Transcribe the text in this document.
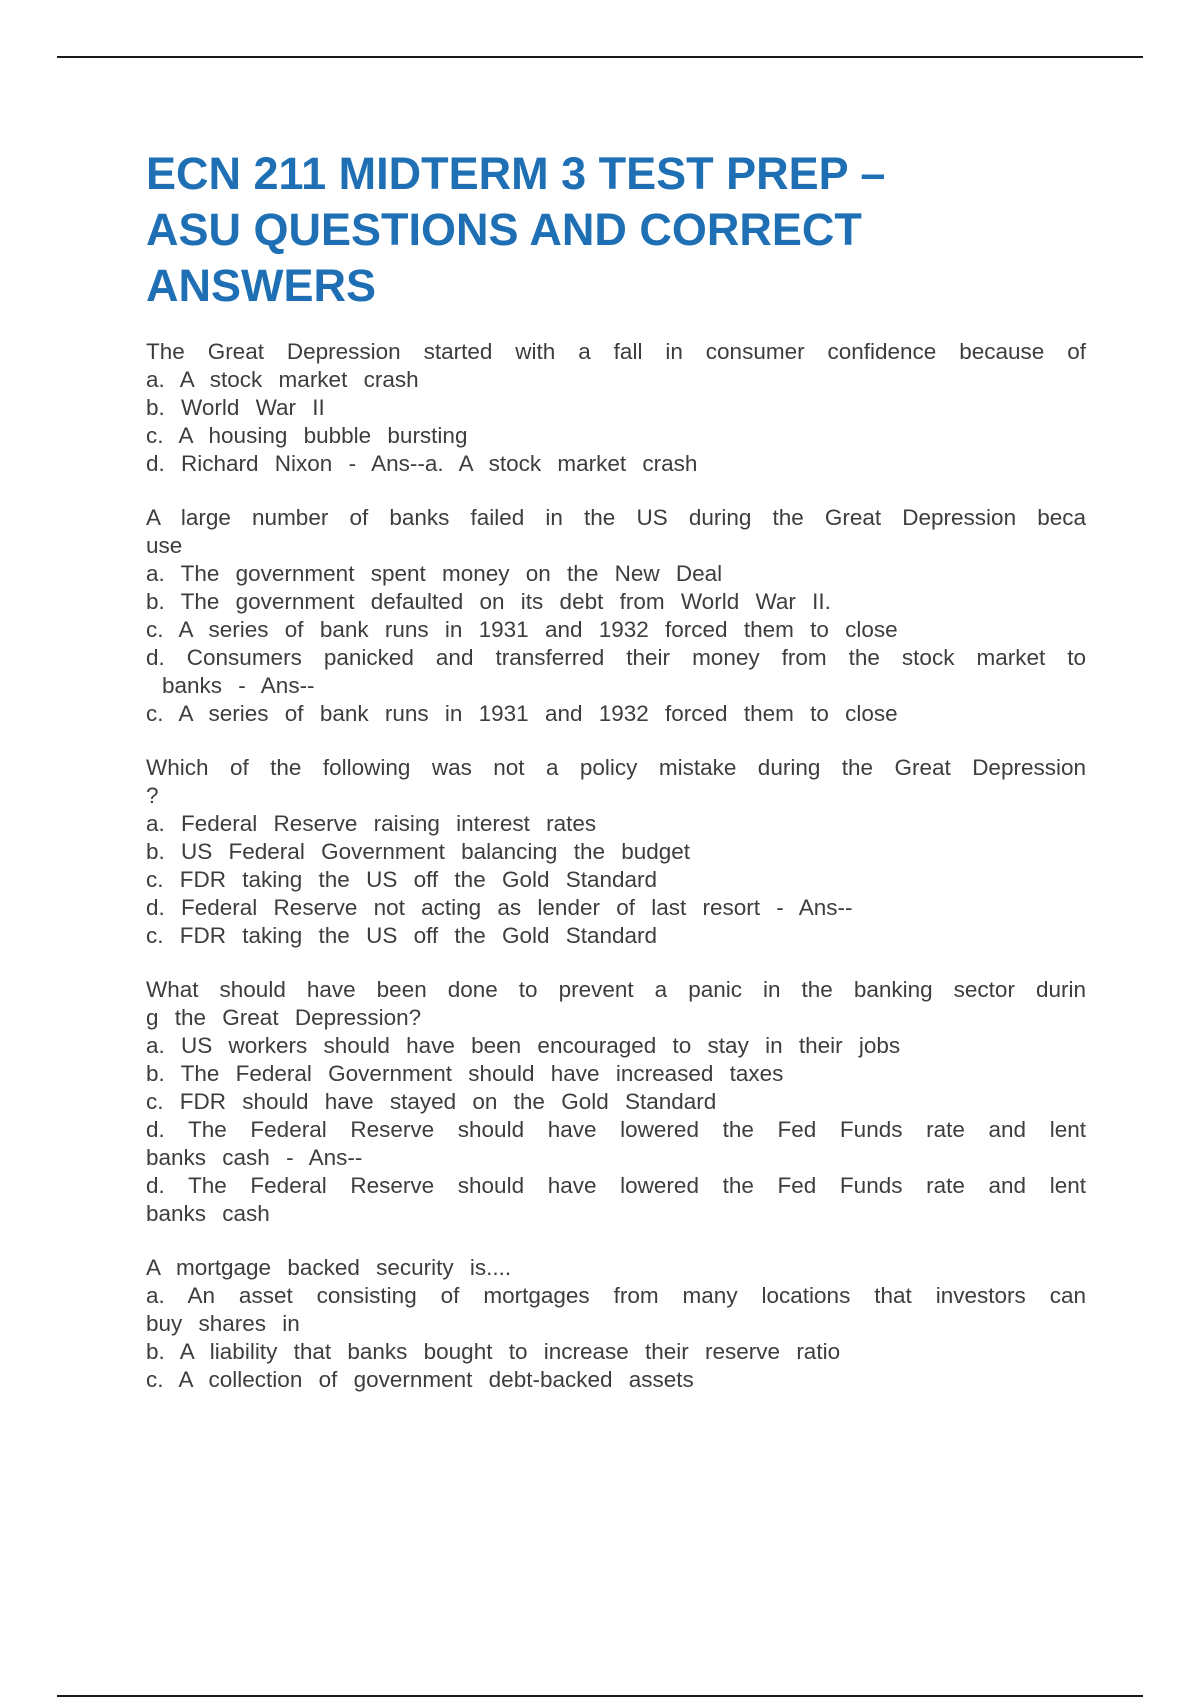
ECN 211 MIDTERM 3 TEST PREP –
ASU QUESTIONS AND CORRECT
ANSWERS
The Great Depression started with a fall in consumer confidence because of
a. A stock market crash
b. World War II
c. A housing bubble bursting
d. Richard Nixon - Ans--a. A stock market crash
A large number of banks failed in the US during the Great Depression beca
use
a. The government spent money on the New Deal
b. The government defaulted on its debt from World War II.
c. A series of bank runs in 1931 and 1932 forced them to close
d. Consumers panicked and transferred their money from the stock market to
banks - Ans--
c. A series of bank runs in 1931 and 1932 forced them to close
Which of the following was not a policy mistake during the Great Depression
?
a. Federal Reserve raising interest rates
b. US Federal Government balancing the budget
c. FDR taking the US off the Gold Standard
d. Federal Reserve not acting as lender of last resort - Ans--
c. FDR taking the US off the Gold Standard
What should have been done to prevent a panic in the banking sector durin
g the Great Depression?
a. US workers should have been encouraged to stay in their jobs
b. The Federal Government should have increased taxes
c. FDR should have stayed on the Gold Standard
d. The Federal Reserve should have lowered the Fed Funds rate and lent
banks cash - Ans--
d. The Federal Reserve should have lowered the Fed Funds rate and lent
banks cash
A mortgage backed security is....
a. An asset consisting of mortgages from many locations that investors can
buy shares in
b. A liability that banks bought to increase their reserve ratio
c. A collection of government debt-backed assets
